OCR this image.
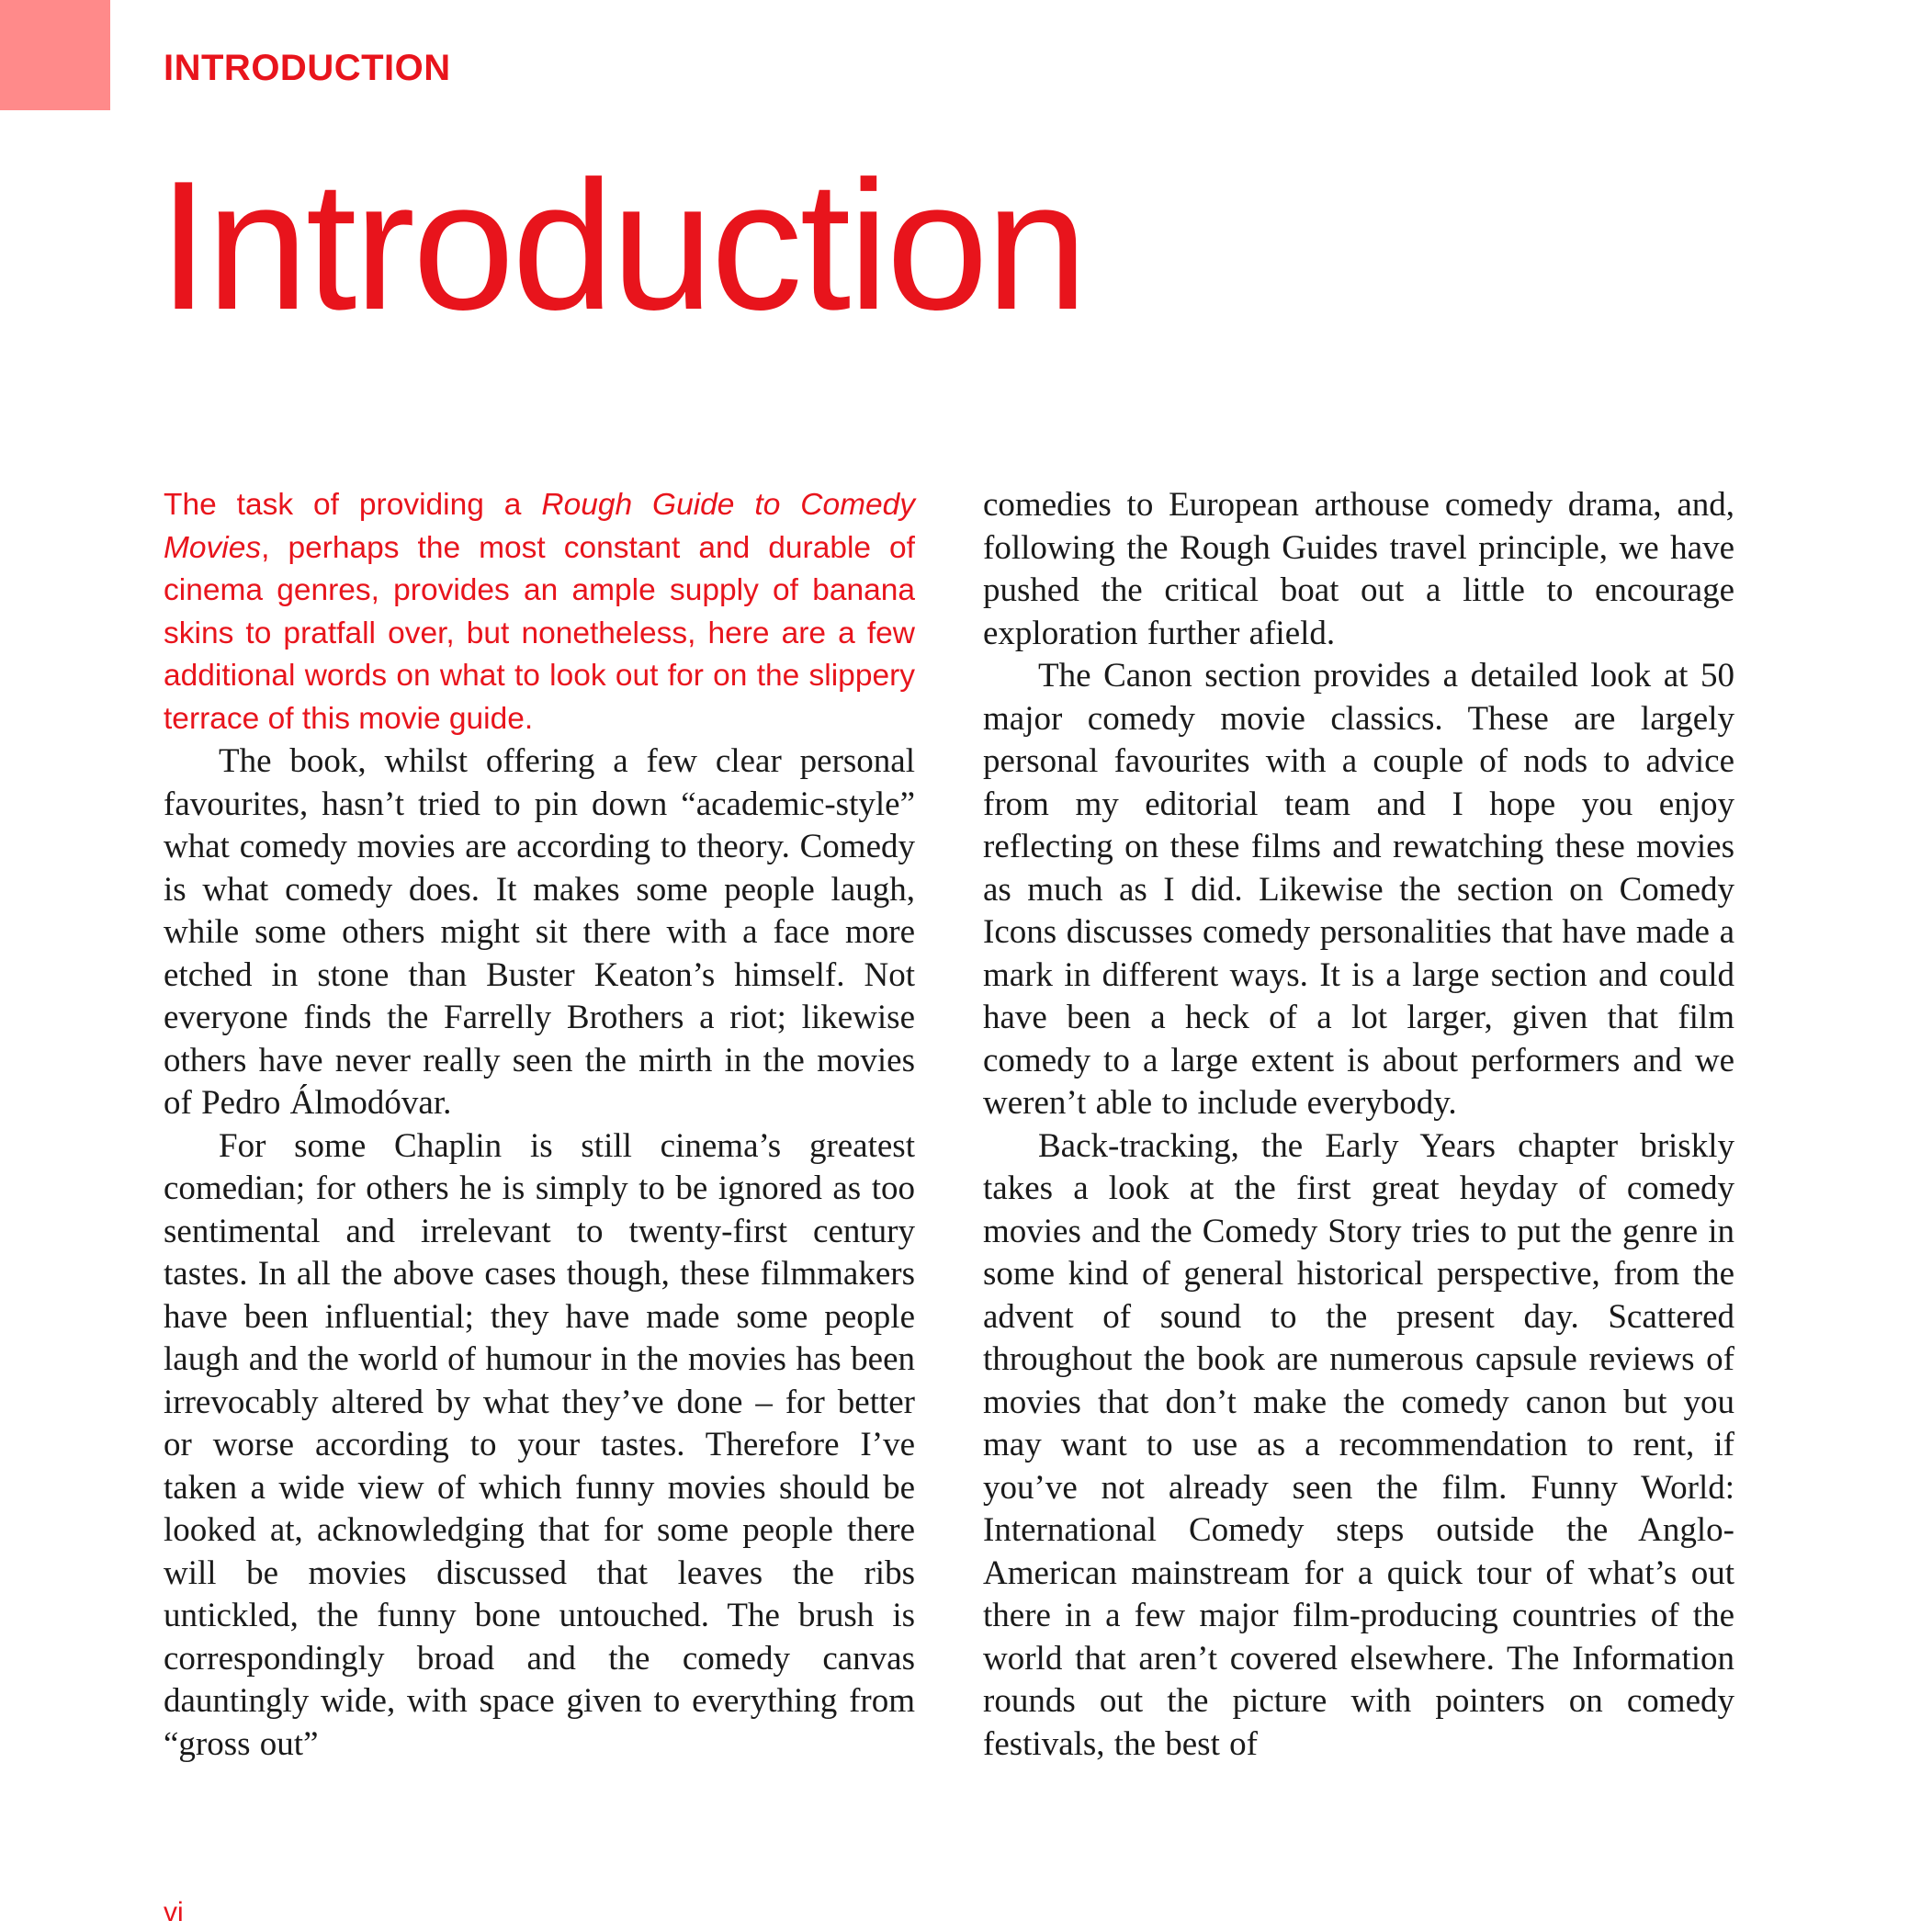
INTRODUCTION
Introduction

The task of providing a Rough Guide to Comedy Movies, perhaps the most constant and durable of cinema genres, provides an ample supply of banana skins to pratfall over, but nonetheless, here are a few additional words on what to look out for on the slippery terrace of this movie guide.

The book, whilst offering a few clear personal favourites, hasn’t tried to pin down “academic-style” what comedy movies are according to theory. Comedy is what comedy does. It makes some people laugh, while some others might sit there with a face more etched in stone than Buster Keaton’s himself. Not everyone finds the Farrelly Brothers a riot; likewise others have never really seen the mirth in the movies of Pedro Álmodóvar.

For some Chaplin is still cinema’s greatest comedian; for others he is simply to be ignored as too sentimental and irrelevant to twenty-first century tastes. In all the above cases though, these filmmakers have been influential; they have made some people laugh and the world of humour in the movies has been irrevocably altered by what they’ve done – for better or worse according to your tastes. Therefore I’ve taken a wide view of which funny movies should be looked at, acknowledging that for some people there will be movies discussed that leaves the ribs untickled, the funny bone untouched. The brush is correspondingly broad and the comedy canvas dauntingly wide, with space given to everything from “gross out”

comedies to European arthouse comedy drama, and, following the Rough Guides travel principle, we have pushed the critical boat out a little to encourage exploration further afield.

The Canon section provides a detailed look at 50 major comedy movie classics. These are largely personal favourites with a couple of nods to advice from my editorial team and I hope you enjoy reflecting on these films and rewatching these movies as much as I did. Likewise the section on Comedy Icons discusses comedy personalities that have made a mark in different ways. It is a large section and could have been a heck of a lot larger, given that film comedy to a large extent is about performers and we weren’t able to include everybody.

Back-tracking, the Early Years chapter briskly takes a look at the first great heyday of comedy movies and the Comedy Story tries to put the genre in some kind of general historical perspective, from the advent of sound to the present day. Scattered throughout the book are numerous capsule reviews of movies that don’t make the comedy canon but you may want to use as a recommendation to rent, if you’ve not already seen the film. Funny World: International Comedy steps outside the Anglo-American mainstream for a quick tour of what’s out there in a few major film-producing countries of the world that aren’t covered elsewhere. The Information rounds out the picture with pointers on comedy festivals, the best of

vi
